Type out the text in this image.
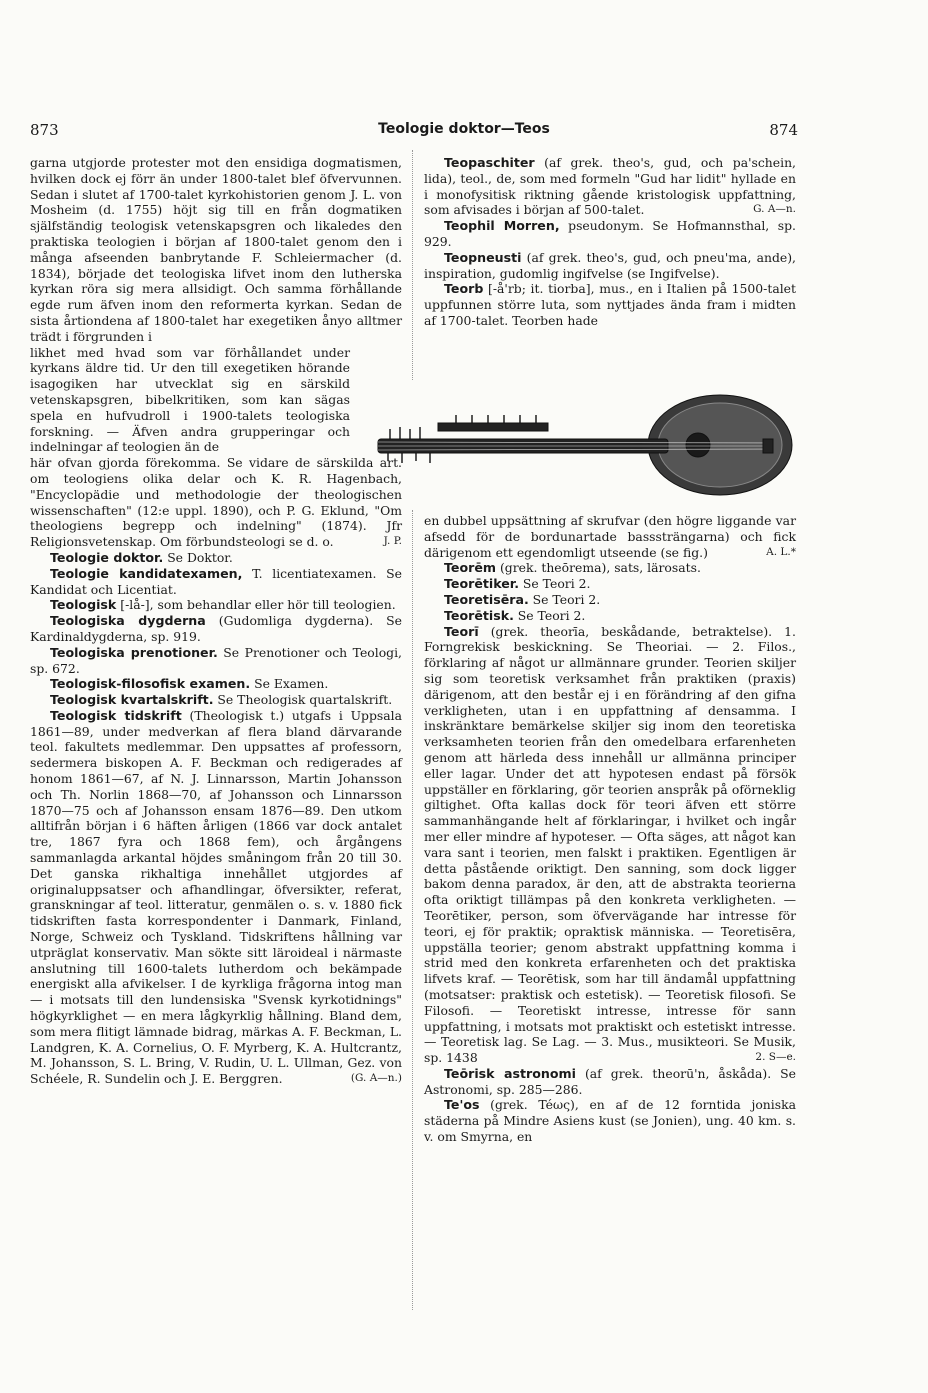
873	Teologie doktor—Teos	874

garna utgjorde protester mot den ensidiga dogmatismen, hvilken dock ej förr än under 1800-talet blef öfvervunnen. Sedan i slutet af 1700-talet kyrkohistorien genom J. L. von Mosheim (d. 1755) höjt sig till en från dogmatiken själfständig teologisk vetenskapsgren och likaledes den praktiska teologien i början af 1800-talet genom den i många afseenden banbrytande F. Schleiermacher (d. 1834), började det teologiska lifvet inom den lutherska kyrkan röra sig mera allsidigt. Och samma förhållande egde rum äfven inom den reformerta kyrkan. Sedan de sista årtiondena af 1800-talet har exegetiken ånyo alltmer trädt i förgrunden i

likhet med hvad som var förhållandet under kyrkans äldre tid. Ur den till exegetiken hörande isagogiken har utvecklat sig en särskild vetenskapsgren, bibelkritiken, som kan sägas spela en hufvudroll i 1900-talets teologiska forskning. — Äfven andra grupperingar och indelningar af teologien än de

här ofvan gjorda förekomma. Se vidare de särskilda art. om teologiens olika delar och K. R. Hagenbach, "Encyclopädie und methodologie der theologischen wissenschaften" (12:e uppl. 1890), och P. G. Eklund, "Om theologiens begrepp och indelning" (1874). Jfr Religionsvetenskap. Om förbundsteologi se d. o.	J. P.

Teologie doktor. Se Doktor.

Teologie kandidatexamen, T. licentiatexamen. Se Kandidat och Licentiat.

Teologisk [-lå-], som behandlar eller hör till teologien.

Teologiska dygderna (Gudomliga dygderna). Se Kardinaldygderna, sp. 919.

Teologiska prenotioner. Se Prenotioner och Teologi, sp. 672.

Teologisk-filosofisk examen. Se Examen.

Teologisk kvartalskrift. Se Theologisk quartalskrift.

Teologisk tidskrift (Theologisk t.) utgafs i Uppsala 1861—89, under medverkan af flera bland därvarande teol. fakultets medlemmar. Den uppsattes af professorn, sedermera biskopen A. F. Beckman och redigerades af honom 1861—67, af N. J. Linnarsson, Martin Johansson och Th. Norlin 1868—70, af Johansson och Linnarsson 1870—75 och af Johansson ensam 1876—89. Den utkom alltifrån början i 6 häften årligen (1866 var dock antalet tre, 1867 fyra och 1868 fem), och årgångens sammanlagda arkantal höjdes småningom från 20 till 30. Det ganska rikhaltiga innehållet utgjordes af originaluppsatser och afhandlingar, öfversikter, referat, granskningar af teol. litteratur, genmälen o. s. v. 1880 fick tidskriften fasta korrespondenter i Danmark, Finland, Norge, Schweiz och Tyskland. Tidskriftens hållning var utpräglat konservativ. Man sökte sitt läroideal i närmaste anslutning till 1600-talets lutherdom och bekämpade energiskt alla afvikelser. I de kyrkliga frågorna intog man — i motsats till den lundensiska "Svensk kyrkotidnings" högkyrklighet — en mera lågkyrklig hållning. Bland dem, som mera flitigt lämnade bidrag, märkas A. F. Beckman, L. Landgren, K. A. Cornelius, O. F. Myrberg, K. A. Hultcrantz, M. Johansson, S. L. Bring, V. Rudin, U. L. Ullman, Gez. von Schéele, R. Sundelin och J. E. Berggren.	(G. A—n.)

Teopaschiter (af grek. theo's, gud, och pa'schein, lida), teol., de, som med formeln "Gud har lidit" hyllade en i monofysitisk riktning gående kristologisk uppfattning, som afvisades i början af 500-talet.	G. A—n.

Teophil Morren, pseudonym. Se Hofmannsthal, sp. 929.

Teopneusti (af grek. theo's, gud, och pneu'ma, ande), inspiration, gudomlig ingifvelse (se Ingifvelse).

Teorb [-å'rb; it. tiorba], mus., en i Italien på 1500-talet uppfunnen större luta, som nyttjades ända fram i midten af 1700-talet. Teorben hade

en dubbel uppsättning af skrufvar (den högre liggande var afsedd för de bordunartade basssträngarna) och fick därigenom ett egendomligt utseende (se fig.)	A. L.*

Teorēm (grek. theōrema), sats, lärosats.

Teorētiker. Se Teori 2.

Teoretisēra. Se Teori 2.

Teorētisk. Se Teori 2.

Teorī (grek. theorīa, beskådande, betraktelse). 1. Forngrekisk beskickning. Se Theoriai. — 2. Filos., förklaring af något ur allmännare grunder. Teorien skiljer sig som teoretisk verksamhet från praktiken (praxis) därigenom, att den består ej i en förändring af den gifna verkligheten, utan i en uppfattning af densamma. I inskränktare bemärkelse skiljer sig inom den teoretiska verksamheten teorien från den omedelbara erfarenheten genom att härleda dess innehåll ur allmänna principer eller lagar. Under det att hypotesen endast på försök uppställer en förklaring, gör teorien anspråk på oförneklig giltighet. Ofta kallas dock för teori äfven ett större sammanhängande helt af förklaringar, i hvilket och ingår mer eller mindre af hypoteser. — Ofta säges, att något kan vara sant i teorien, men falskt i praktiken. Egentligen är detta påstående oriktigt. Den sanning, som dock ligger bakom denna paradox, är den, att de abstrakta teorierna ofta oriktigt tillämpas på den konkreta verkligheten. — Teorētiker, person, som öfvervägande har intresse för teori, ej för praktik; opraktisk människa. — Teoretisēra, uppställa teorier; genom abstrakt uppfattning komma i strid med den konkreta erfarenheten och det praktiska lifvets kraf. — Teorētisk, som har till ändamål uppfattning (motsatser: praktisk och estetisk). — Teoretisk filosofi. Se Filosofi. — Teoretiskt intresse, intresse för sann uppfattning, i motsats mot praktiskt och estetiskt intresse. — Teoretisk lag. Se Lag. — 3. Mus., musikteori. Se Musik, sp. 1438	2. S—e.

Teōrisk astronomi (af grek. theorū'n, åskåda). Se Astronomi, sp. 285—286.

Te'os (grek. Téως), en af de 12 forntida joniska städerna på Mindre Asiens kust (se Jonien), ung. 40 km. s. v. om Smyrna, en
